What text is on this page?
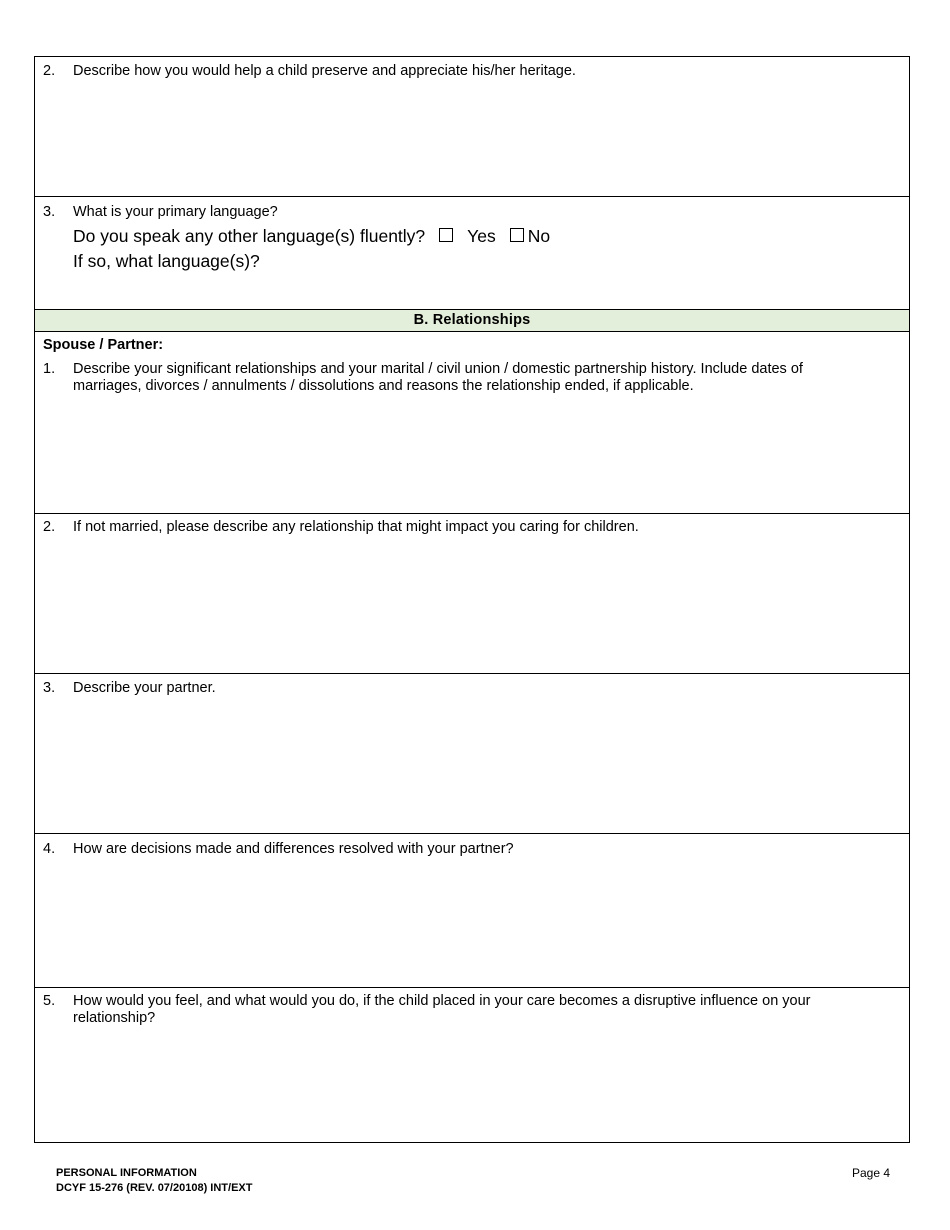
2.	Describe how you would help a child preserve and appreciate his/her heritage.
3.	What is your primary language?
Do you speak any other language(s) fluently? Yes No
If so, what language(s)?
B. Relationships
Spouse / Partner:
1.	Describe your significant relationships and your marital / civil union / domestic partnership history. Include dates of marriages, divorces / annulments / dissolutions and reasons the relationship ended, if applicable.
2.	If not married, please describe any relationship that might impact you caring for children.
3.	Describe your partner.
4.	How are decisions made and differences resolved with your partner?
5.	How would you feel, and what would you do, if the child placed in your care becomes a disruptive influence on your relationship?
PERSONAL INFORMATION
DCYF 15-276 (REV. 07/20108) INT/EXT
Page 4
